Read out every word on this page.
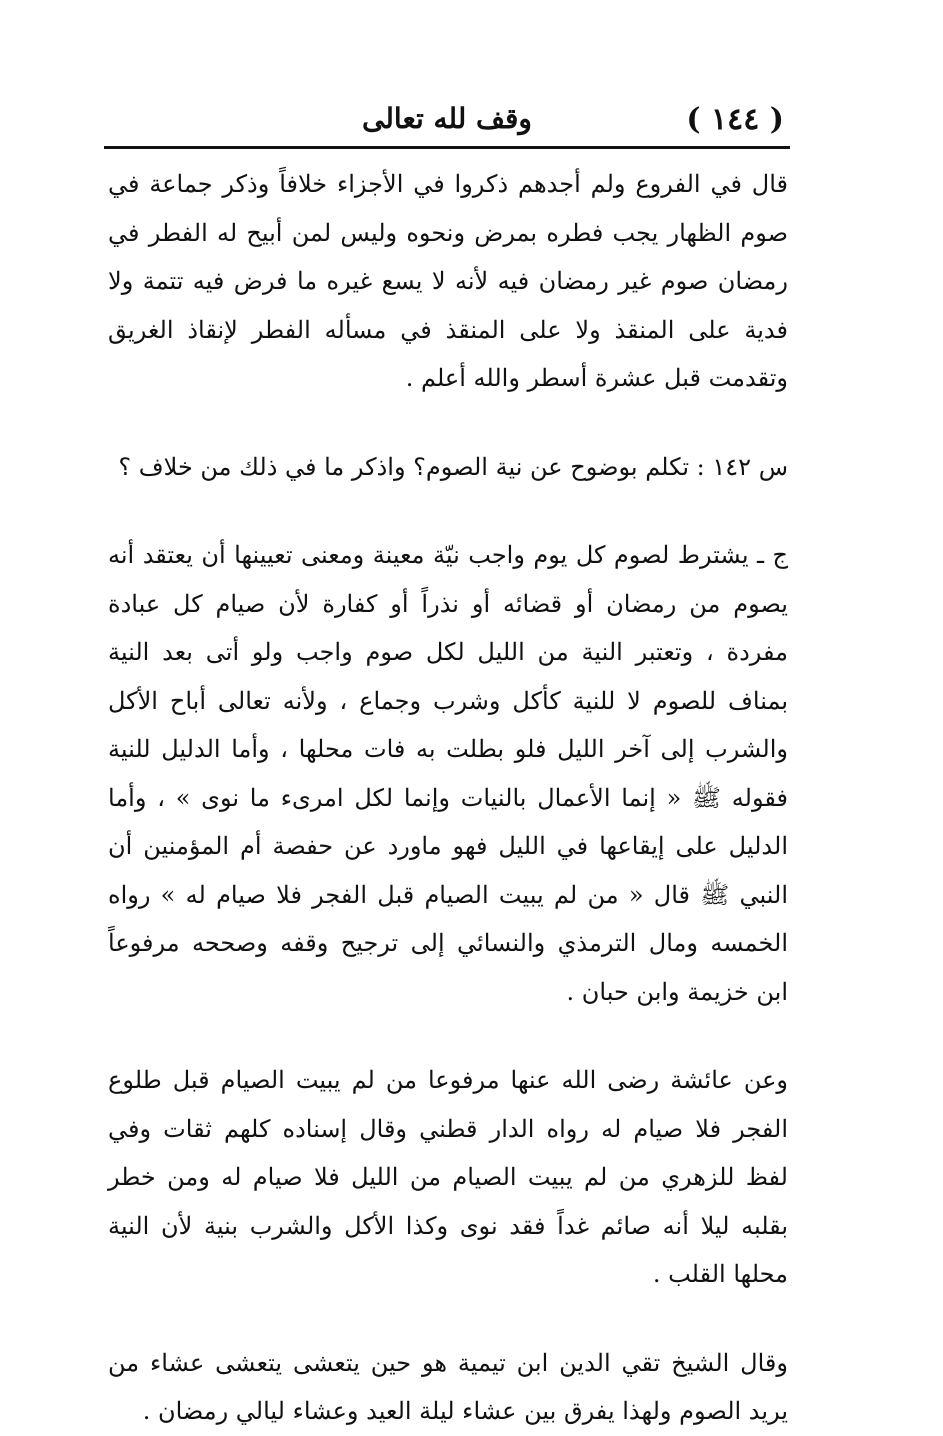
( ١٤٤ )
وقف لله تعالى

قال في الفروع ولم أجدهم ذكروا في الأجزاء خلافاً وذكر جماعة في صوم الظهار يجب فطره بمرض ونحوه وليس لمن أبيح له الفطر في رمضان صوم غير رمضان فيه لأنه لا يسع غيره ما فرض فيه تتمة ولا فدية على المنقذ ولا على المنقذ في مسأله الفطر لإنقاذ الغريق وتقدمت قبل عشرة أسطر والله أعلم .

س ١٤٢ : تكلم بوضوح عن نية الصوم؟ واذكر ما في ذلك من خلاف ؟

ج ـ يشترط لصوم كل يوم واجب نيّة معينة ومعنى تعيينها أن يعتقد أنه يصوم من رمضان أو قضائه أو نذراً أو كفارة لأن صيام كل عبادة مفردة ، وتعتبر النية من الليل لكل صوم واجب ولو أتى بعد النية بمناف للصوم لا للنية كأكل وشرب وجماع ، ولأنه تعالى أباح الأكل والشرب إلى آخر الليل فلو بطلت به فات محلها ، وأما الدليل للنية فقوله ﷺ « إنما الأعمال بالنيات وإنما لكل امرىء ما نوى » ، وأما الدليل على إيقاعها في الليل فهو ماورد عن حفصة أم المؤمنين أن النبي ﷺ قال « من لم يبيت الصيام قبل الفجر فلا صيام له » رواه الخمسه ومال الترمذي والنسائي إلى ترجيح وقفه وصححه مرفوعاً ابن خزيمة وابن حبان .

وعن عائشة رضى الله عنها مرفوعا من لم يبيت الصيام قبل طلوع الفجر فلا صيام له رواه الدار قطني وقال إسناده كلهم ثقات وفي لفظ للزهري من لم يبيت الصيام من الليل فلا صيام له ومن خطر بقلبه ليلا أنه صائم غداً فقد نوى وكذا الأكل والشرب بنية لأن النية محلها القلب .

وقال الشيخ تقي الدين ابن تيمية هو حين يتعشى يتعشى عشاء من يريد الصوم ولهذا يفرق بين عشاء ليلة العيد وعشاء ليالي رمضان .
